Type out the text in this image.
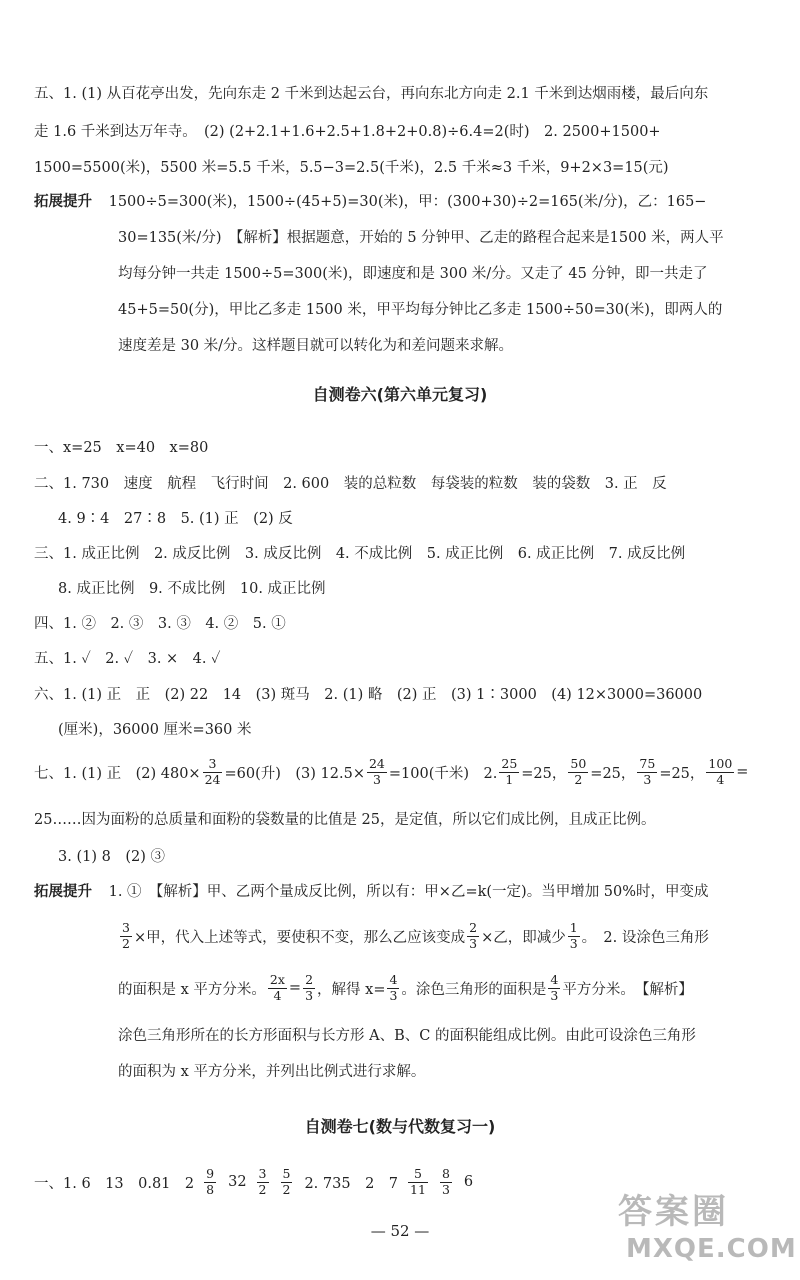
五、1. (1) 从百花亭出发，先向东走 2 千米到达起云台，再向东北方向走 2.1 千米到达烟雨楼，最后向东
走 1.6 千米到达万年寺。　(2) (2+2.1+1.6+2.5+1.8+2+0.8)÷6.4=2(时)　2. 2500+1500+
1500=5500(米)，5500 米=5.5 千米，5.5−3=2.5(千米)，2.5 千米≈3 千米，9+2×3=15(元)
拓展提升 1500÷5=300(米)，1500÷(45+5)=30(米)，甲：(300+30)÷2=165(米/分)，乙：165−
30=135(米/分)　【解析】根据题意，开始的 5 分钟甲、乙走的路程合起来是1500 米，两人平
均每分钟一共走 1500÷5=300(米)，即速度和是 300 米/分。又走了 45 分钟，即一共走了
45+5=50(分)，甲比乙多走 1500 米，甲平均每分钟比乙多走 1500÷50=30(米)，即两人的
速度差是 30 米/分。这样题目就可以转化为和差问题来求解。
自测卷六(第六单元复习)
一、x=25　x=40　x=80
二、1. 730　速度　航程　飞行时间　2. 600　装的总粒数　每袋装的粒数　装的袋数　3. 正　反
4. 9∶4　27∶8　5. (1) 正　(2) 反
三、1. 成正比例　2. 成反比例　3. 成反比例　4. 不成比例　5. 成正比例　6. 成正比例　7. 成反比例
8. 成正比例　9. 不成比例　10. 成正比例
四、1. ②　2. ③　3. ③　4. ②　5. ①
五、1. ✓　2. ✓　3. ×　4. ✓
六、1. (1) 正　正　(2) 22　14　(3) 斑马　2. (1) 略　(2) 正　(3) 1∶3000　(4) 12×3000=36000
(厘米)，36000 厘米=360 米
七、1. (1) 正　(2) $480\times \frac{3}{24} =60$(升)　(3) $12.5\times \frac{24}{3} =100$(千米)　2. $\frac{25}{1} =25$， $\frac{50}{2} =25$， $\frac{75}{3} =25$， $\frac{100}{4}$ =
25……因为面粉的总质量和面粉的袋数量的比值是 25，是定值，所以它们成比例，且成正比例。
3. (1) 8　(2) ③
拓展提升 1. ①　【解析】甲、乙两个量成反比例，所以有：甲×乙=k(一定)。当甲增加 50%时，甲变成
$\frac{3}{2}$ ×甲，代入上述等式，要使积不变，那么乙应该变成 $\frac{2}{3}$ ×乙，即减少
1
3 。　2. 设涂色三角形
的面积是 x 平方分米。 $\frac{2x}{4} = \frac{2}{3}$ ，解得 $x= \frac{4}{3}$ 。涂色三角形的面积是
4
3 平方分米。　【解析】
涂色三角形所在的长方形面积与长方形 A、B、C 的面积能组成比例。由此可设涂色三角形
的面积为 x 平方分米，并列出比例式进行求解。
自测卷七(数与代数复习一)
一、1. 6　13　0.81　2
9
8 32
3
2
5
2 2. 735　2　7
5
11
8
3 6
— 52 —	答案圈
MXQE.COM
